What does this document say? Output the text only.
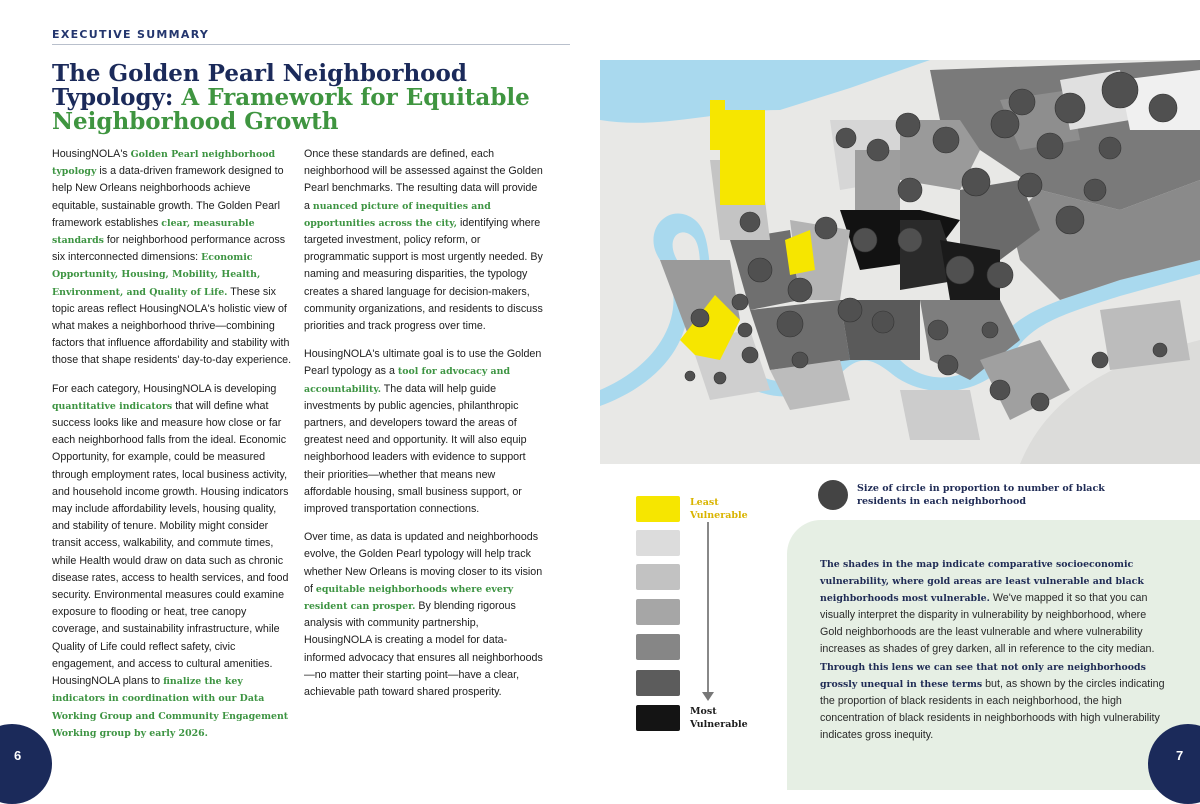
EXECUTIVE SUMMARY
The Golden Pearl Neighborhood
Typology: A Framework for Equitable
Neighborhood Growth

HousingNOLA's Golden Pearl neighborhood typology is a data-driven framework designed to help New Orleans neighborhoods achieve equitable, sustainable growth. The Golden Pearl framework establishes clear, measurable standards for neighborhood performance across six interconnected dimensions: Economic Opportunity, Housing, Mobility, Health, Environment, and Quality of Life. These six topic areas reflect HousingNOLA's holistic view of what makes a neighborhood thrive—combining factors that influence affordability and stability with those that shape residents' day-to-day experience.

For each category, HousingNOLA is developing quantitative indicators that will define what success looks like and measure how close or far each neighborhood falls from the ideal. Economic Opportunity, for example, could be measured through employment rates, local business activity, and household income growth. Housing indicators may include affordability levels, housing quality, and stability of tenure. Mobility might consider transit access, walkability, and commute times, while Health would draw on data such as chronic disease rates, access to health services, and food security. Environmental measures could examine exposure to flooding or heat, tree canopy coverage, and sustainability infrastructure, while Quality of Life could reflect safety, civic engagement, and access to cultural amenities. HousingNOLA plans to finalize the key indicators in coordination with our Data Working Group and Community Engagement Working group by early 2026.

Once these standards are defined, each neighborhood will be assessed against the Golden Pearl benchmarks. The resulting data will provide a nuanced picture of inequities and opportunities across the city, identifying where targeted investment, policy reform, or programmatic support is most urgently needed. By naming and measuring disparities, the typology creates a shared language for decision-makers, community organizations, and residents to discuss priorities and track progress over time.

HousingNOLA's ultimate goal is to use the Golden Pearl typology as a tool for advocacy and accountability. The data will help guide investments by public agencies, philanthropic partners, and developers toward the areas of greatest need and opportunity. It will also equip neighborhood leaders with evidence to support their priorities—whether that means new affordable housing, small business support, or improved transportation connections.

Over time, as data is updated and neighborhoods evolve, the Golden Pearl typology will help track whether New Orleans is moving closer to its vision of equitable neighborhoods where every resident can prosper. By blending rigorous analysis with community partnership, HousingNOLA is creating a model for data-informed advocacy that ensures all neighborhoods—no matter their starting point—have a clear, achievable path toward shared prosperity.

Least Vulnerable
Most Vulnerable
Size of circle in proportion to number of black residents in each neighborhood
The shades in the map indicate comparative socioeconomic vulnerability, where gold areas are least vulnerable and black neighborhoods most vulnerable. We've mapped it so that you can visually interpret the disparity in vulnerability by neighborhood, where Gold neighborhoods are the least vulnerable and where vulnerability increases as shades of grey darken, all in reference to the city median. Through this lens we can see that not only are neighborhoods grossly unequal in these terms but, as shown by the circles indicating the proportion of black residents in each neighborhood, the high concentration of black residents in neighborhoods with high vulnerability indicates gross inequity.
6	7
